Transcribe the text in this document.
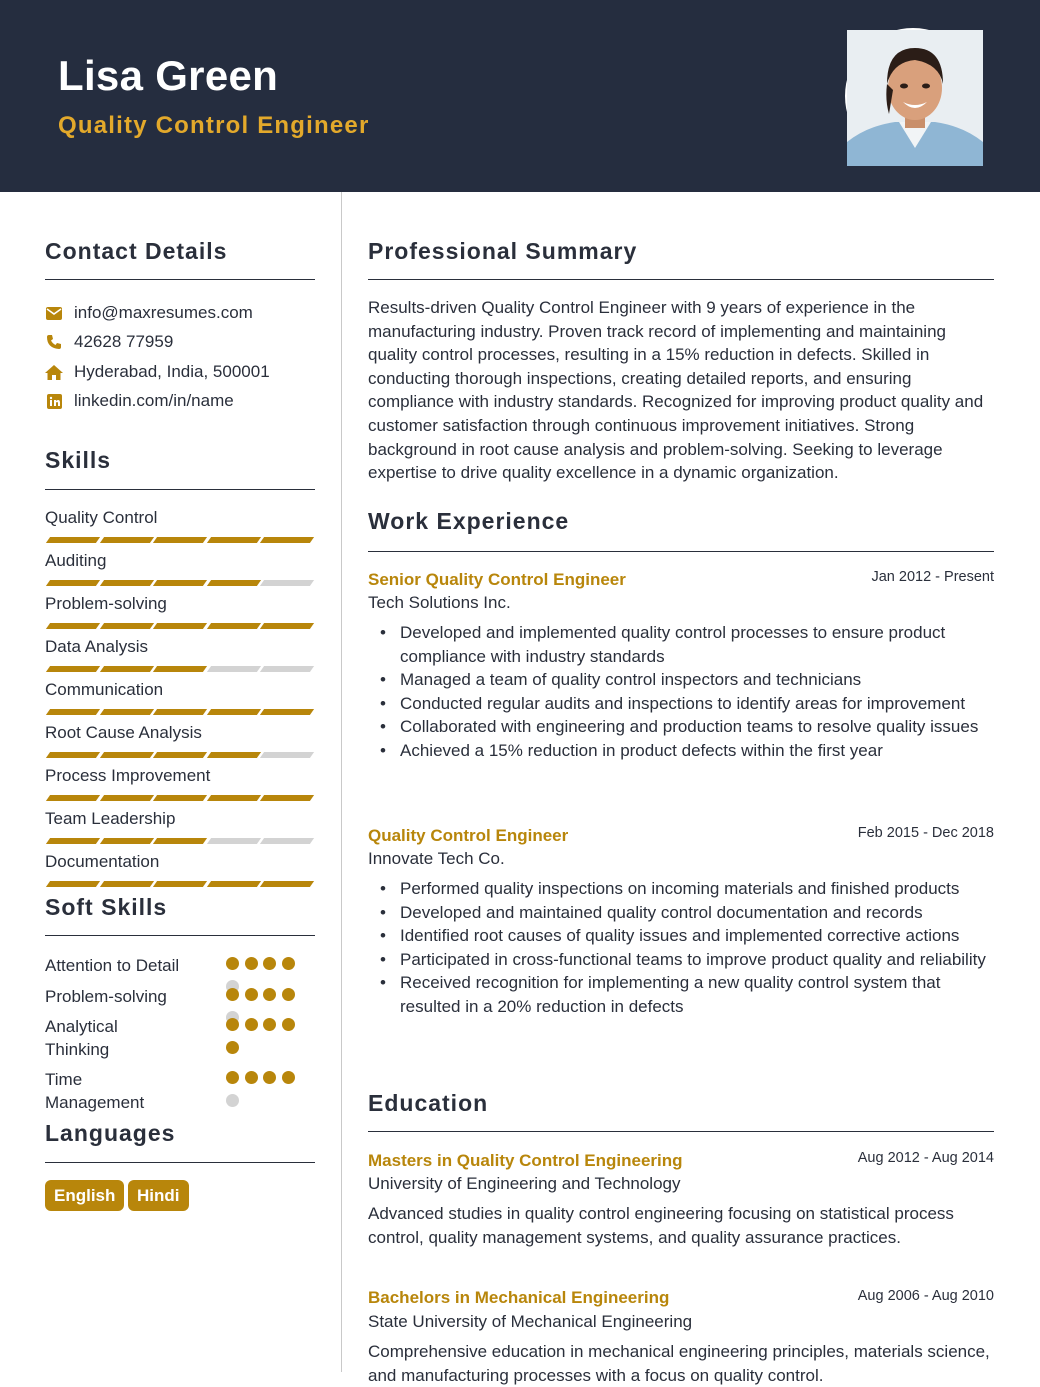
Lisa Green
Quality Control Engineer
Contact Details
info@maxresumes.com
42628 77959
Hyderabad, India, 500001
linkedin.com/in/name
Skills
Quality Control
Auditing
Problem-solving
Data Analysis
Communication
Root Cause Analysis
Process Improvement
Team Leadership
Documentation
Soft Skills
Attention to Detail
Problem-solving
Analytical Thinking
Time Management
Languages
English	Hindi
Professional Summary
Results-driven Quality Control Engineer with 9 years of experience in the manufacturing industry. Proven track record of implementing and maintaining quality control processes, resulting in a 15% reduction in defects. Skilled in conducting thorough inspections, creating detailed reports, and ensuring compliance with industry standards. Recognized for improving product quality and customer satisfaction through continuous improvement initiatives. Strong background in root cause analysis and problem-solving. Seeking to leverage expertise to drive quality excellence in a dynamic organization.
Work Experience
Senior Quality Control Engineer	Jan 2012 - Present
Tech Solutions Inc.
• Developed and implemented quality control processes to ensure product compliance with industry standards
• Managed a team of quality control inspectors and technicians
• Conducted regular audits and inspections to identify areas for improvement
• Collaborated with engineering and production teams to resolve quality issues
• Achieved a 15% reduction in product defects within the first year
Quality Control Engineer	Feb 2015 - Dec 2018
Innovate Tech Co.
• Performed quality inspections on incoming materials and finished products
• Developed and maintained quality control documentation and records
• Identified root causes of quality issues and implemented corrective actions
• Participated in cross-functional teams to improve product quality and reliability
• Received recognition for implementing a new quality control system that resulted in a 20% reduction in defects
Education
Masters in Quality Control Engineering	Aug 2012 - Aug 2014
University of Engineering and Technology
Advanced studies in quality control engineering focusing on statistical process control, quality management systems, and quality assurance practices.
Bachelors in Mechanical Engineering	Aug 2006 - Aug 2010
State University of Mechanical Engineering
Comprehensive education in mechanical engineering principles, materials science, and manufacturing processes with a focus on quality control.
